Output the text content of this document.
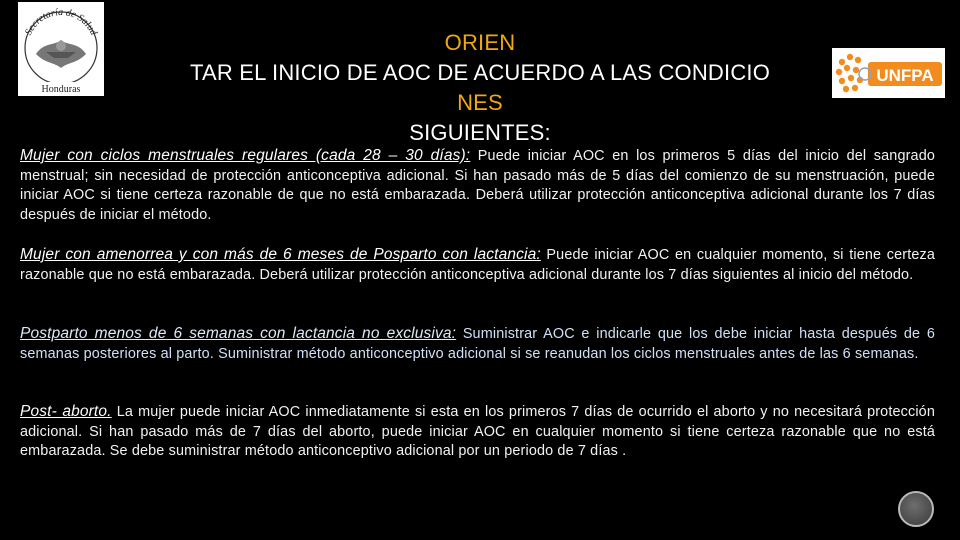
Secretaría de Salud
Honduras
UNFPA
ORIEN
TAR EL INICIO DE AOC DE ACUERDO A LAS CONDICIO
NES
SIGUIENTES:
Mujer con ciclos menstruales regulares (cada 28 – 30 días): Puede iniciar AOC en los primeros 5 días del inicio del sangrado menstrual; sin necesidad de protección anticonceptiva adicional. Si han pasado más de 5 días del comienzo de su menstruación, puede iniciar AOC si tiene certeza razonable de que no está embarazada. Deberá utilizar protección anticonceptiva adicional durante los 7 días después de iniciar el método.
Mujer con amenorrea y con más de 6 meses de Posparto con lactancia: Puede iniciar AOC en cualquier momento, si tiene certeza razonable que no está embarazada. Deberá utilizar protección anticonceptiva adicional durante los 7 días siguientes al inicio del método.
Postparto menos de 6 semanas con lactancia no exclusiva: Suministrar AOC e indicarle que los debe iniciar hasta después de 6 semanas posteriores al parto. Suministrar método anticonceptivo adicional si se reanudan los ciclos menstruales antes de las 6 semanas.
Post- aborto. La mujer puede iniciar AOC inmediatamente si esta en los primeros 7 días de ocurrido el aborto y no necesitará protección adicional. Si han pasado más de 7 días del aborto, puede iniciar AOC en cualquier momento si tiene certeza razonable que no está embarazada. Se debe suministrar método anticonceptivo adicional por un periodo de 7 días .
